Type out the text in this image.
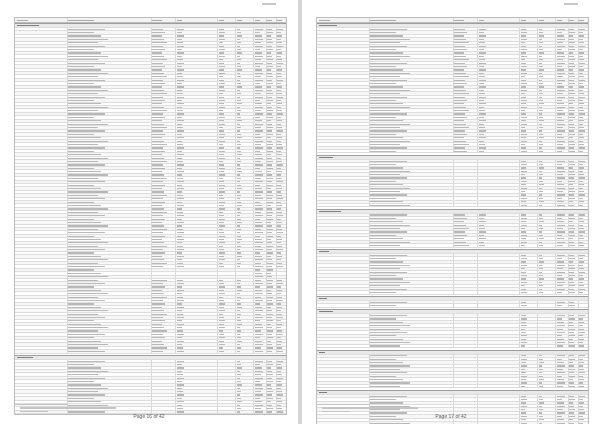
Page 16 of 42	Page 17 of 42
